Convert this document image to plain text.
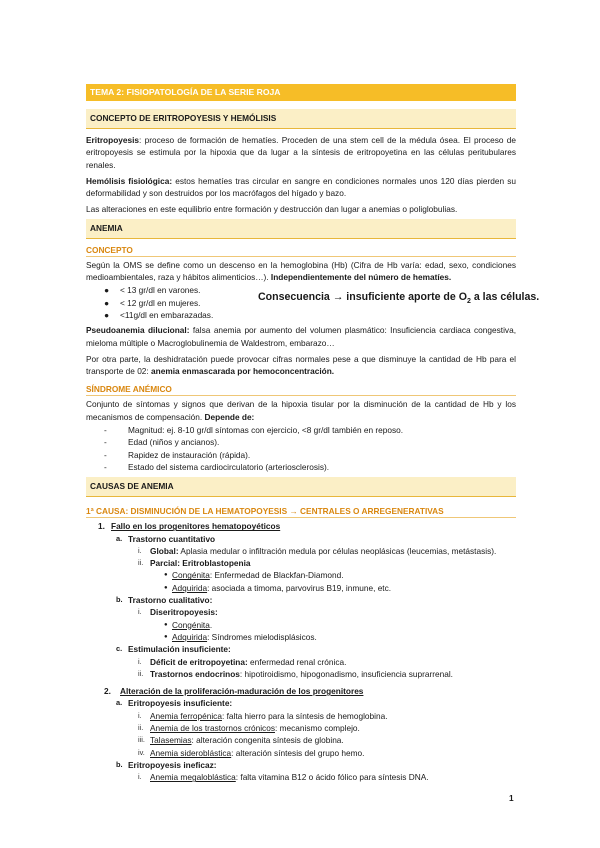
TEMA 2: FISIOPATOLOGÍA DE LA SERIE ROJA
CONCEPTO DE ERITROPOYESIS Y HEMÓLISIS

Eritropoyesis: proceso de formación de hematíes. Proceden de una stem cell de la médula ósea. El proceso de eritropoyesis se estimula por la hipoxia que da lugar a la síntesis de eritropoyetina en las células peritubulares renales.

Hemólisis fisiológica: estos hematíes tras circular en sangre en condiciones normales unos 120 días pierden su deformabilidad y son destruidos por los macrófagos del hígado y bazo.

Las alteraciones en este equilibrio entre formación y destrucción dan lugar a anemias o poliglobulias.

ANEMIA
CONCEPTO

Según la OMS se define como un descenso en la hemoglobina (Hb) (Cifra de Hb varía: edad, sexo, condiciones medioambientales, raza y hábitos alimenticios…). Independientemente del número de hematíes.

●	< 13 gr/dl en varones.
●	< 12 gr/dl en mujeres.
●	<11g/dl en embarazadas.
Consecuencia → insuficiente aporte de $O_2$ a las células.

Pseudoanemia dilucional: falsa anemia por aumento del volumen plasmático: Insuficiencia cardiaca congestiva, mieloma múltiple o Macroglobulinemia de Waldestrom, embarazo…

Por otra parte, la deshidratación puede provocar cifras normales pese a que disminuye la cantidad de Hb para el transporte de 02: anemia enmascarada por hemoconcentración.

SÍNDROME ANÉMICO

Conjunto de síntomas y signos que derivan de la hipoxia tisular por la disminución de la cantidad de Hb y los mecanismos de compensación. Depende de:

-	Magnitud: ej. 8-10 gr/dl síntomas con ejercicio, <8 gr/dl también en reposo.
-	Edad (niños y ancianos).
-	Rapidez de instauración (rápida).
-	Estado del sistema cardiocirculatorio (arteriosclerosis).
CAUSAS DE ANEMIA
1ª CAUSA: DISMINUCIÓN DE LA HEMATOPOYESIS → CENTRALES O ARREGENERATIVAS
1. Fallo en los progenitores hematopoyéticos
a. Trastorno cuantitativo
i. Global: Aplasia medular o infiltración medula por células neoplásicas (leucemias, metástasis).
ii. Parcial: Eritroblastopenia
● Congénita: Enfermedad de Blackfan-Diamond.
● Adquirida: asociada a timoma, parvovirus B19, inmune, etc.
b. Trastorno cualitativo:
i. Diseritropoyesis:
● Congénita.
● Adquirida: Síndromes mielodisplásicos.
c. Estimulación insuficiente:
i. Déficit de eritropoyetina: enfermedad renal crónica.
ii. Trastornos endocrinos: hipotiroidismo, hipogonadismo, insuficiencia suprarrenal.
2.	Alteración de la proliferación-maduración de los progenitores
a. Eritropoyesis insuficiente:
i. Anemia ferropénica: falta hierro para la síntesis de hemoglobina.
ii. Anemia de los trastornos crónicos: mecanismo complejo.
iii. Talasemias: alteración congenita síntesis de globina.
iv. Anemia sideroblástica: alteración síntesis del grupo hemo.
b. Eritropoyesis ineficaz:
i. Anemia megaloblástica: falta vitamina B12 o ácido fólico para síntesis DNA.
1
